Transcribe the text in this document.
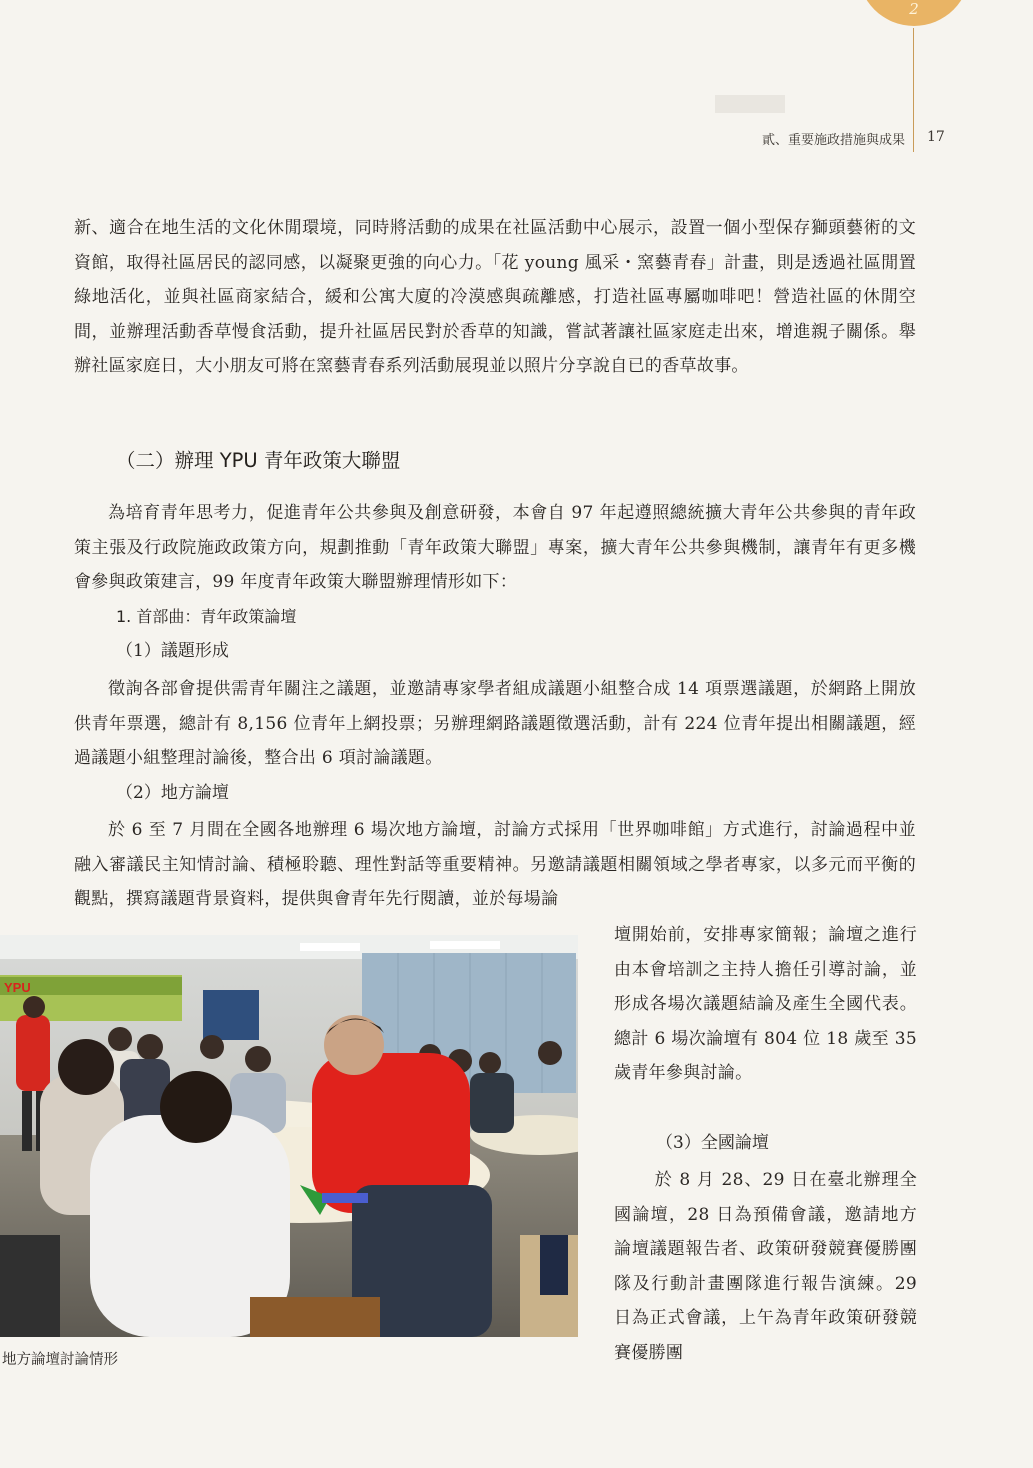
2
貳、重要施政措施與成果 17

新、適合在地生活的文化休閒環境，同時將活動的成果在社區活動中心展示，設置一個小型保存獅頭藝術的文資館，取得社區居民的認同感，以凝聚更強的向心力。「花 young 風采・窯藝青春」計畫，則是透過社區閒置綠地活化，並與社區商家結合，緩和公寓大廈的冷漠感與疏離感，打造社區專屬咖啡吧！營造社區的休閒空間，並辦理活動香草慢食活動，提升社區居民對於香草的知識，嘗試著讓社區家庭走出來，增進親子關係。舉辦社區家庭日，大小朋友可將在窯藝青春系列活動展現並以照片分享說自已的香草故事。

（二）辦理 YPU 青年政策大聯盟

為培育青年思考力，促進青年公共參與及創意研發，本會自 97 年起遵照總統擴大青年公共參與的青年政策主張及行政院施政政策方向，規劃推動「青年政策大聯盟」專案，擴大青年公共參與機制，讓青年有更多機會參與政策建言，99 年度青年政策大聯盟辦理情形如下：

1. 首部曲：青年政策論壇
（1）議題形成

徵詢各部會提供需青年關注之議題，並邀請專家學者組成議題小組整合成 14 項票選議題，於網路上開放供青年票選，總計有 8,156 位青年上網投票；另辦理網路議題徵選活動，計有 224 位青年提出相關議題，經過議題小組整理討論後，整合出 6 項討論議題。

（2）地方論壇

於 6 至 7 月間在全國各地辦理 6 場次地方論壇，討論方式採用「世界咖啡館」方式進行，討論過程中並融入審議民主知情討論、積極聆聽、理性對話等重要精神。另邀請議題相關領域之學者專家，以多元而平衡的觀點，撰寫議題背景資料，提供與會青年先行閱讀，並於每場論

YPU
地方論壇討論情形

壇開始前，安排專家簡報；論壇之進行由本會培訓之主持人擔任引導討論，並形成各場次議題結論及產生全國代表。總計 6 場次論壇有 804 位 18 歲至 35 歲青年參與討論。

（3）全國論壇

於 8 月 28、29 日在臺北辦理全國論壇，28 日為預備會議，邀請地方論壇議題報告者、政策研發競賽優勝團隊及行動計畫團隊進行報告演練。29 日為正式會議，上午為青年政策研發競賽優勝團
